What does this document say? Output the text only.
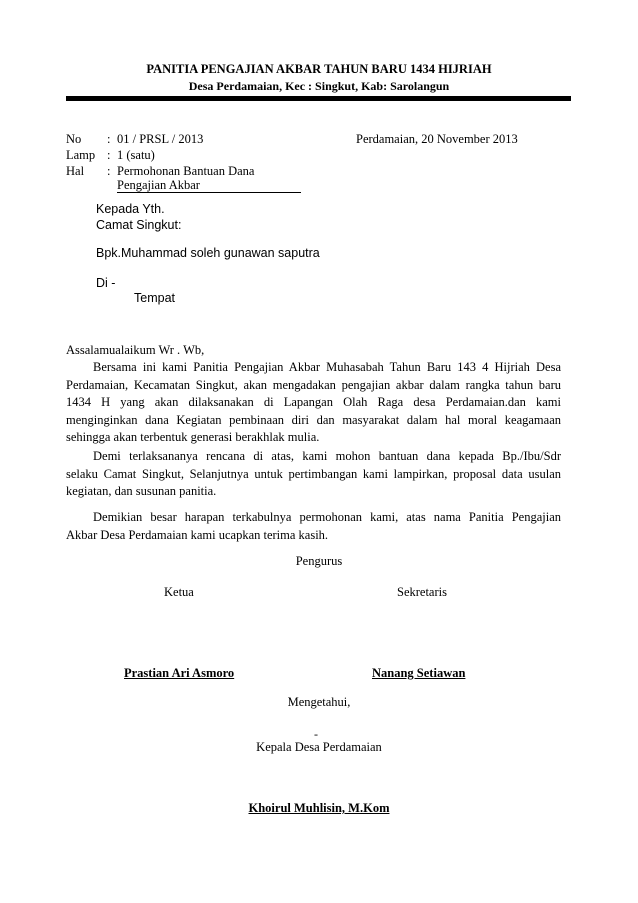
PANITIA PENGAJIAN AKBAR TAHUN BARU 1434 HIJRIAH
Desa Perdamaian, Kec : Singkut, Kab: Sarolangun
No : 01 / PRSL / 2013
Lamp : 1 (satu)
Hal : Permohonan Bantuan Dana
Pengajian Akbar
Perdamaian, 20 November 2013
Kepada Yth.
Camat Singkut:
Bpk.Muhammad soleh gunawan saputra
Di -
Tempat
Assalamualaikum Wr . Wb,
Bersama ini kami Panitia Pengajian Akbar Muhasabah Tahun Baru 143 4 Hijriah Desa
Perdamaian, Kecamatan Singkut, akan mengadakan pengajian akbar dalam rangka tahun baru
1434 H yang akan dilaksanakan di Lapangan Olah Raga desa Perdamaian.dan kami
menginginkan dana Kegiatan pembinaan diri dan masyarakat dalam hal moral keagamaan
sehingga akan terbentuk generasi berakhlak mulia.
Demi terlaksananya rencana di atas, kami mohon bantuan dana kepada Bp./Ibu/Sdr
selaku Camat Singkut, Selanjutnya untuk pertimbangan kami lampirkan, proposal data usulan
kegiatan, dan susunan panitia.
Demikian besar harapan terkabulnya permohonan kami, atas nama Panitia Pengajian
Akbar Desa Perdamaian kami ucapkan terima kasih.
Pengurus
Ketua	Sekretaris
Prastian Ari Asmoro	Nanang Setiawan
Mengetahui,
-
Kepala Desa Perdamaian
Khoirul Muhlisin, M.Kom
